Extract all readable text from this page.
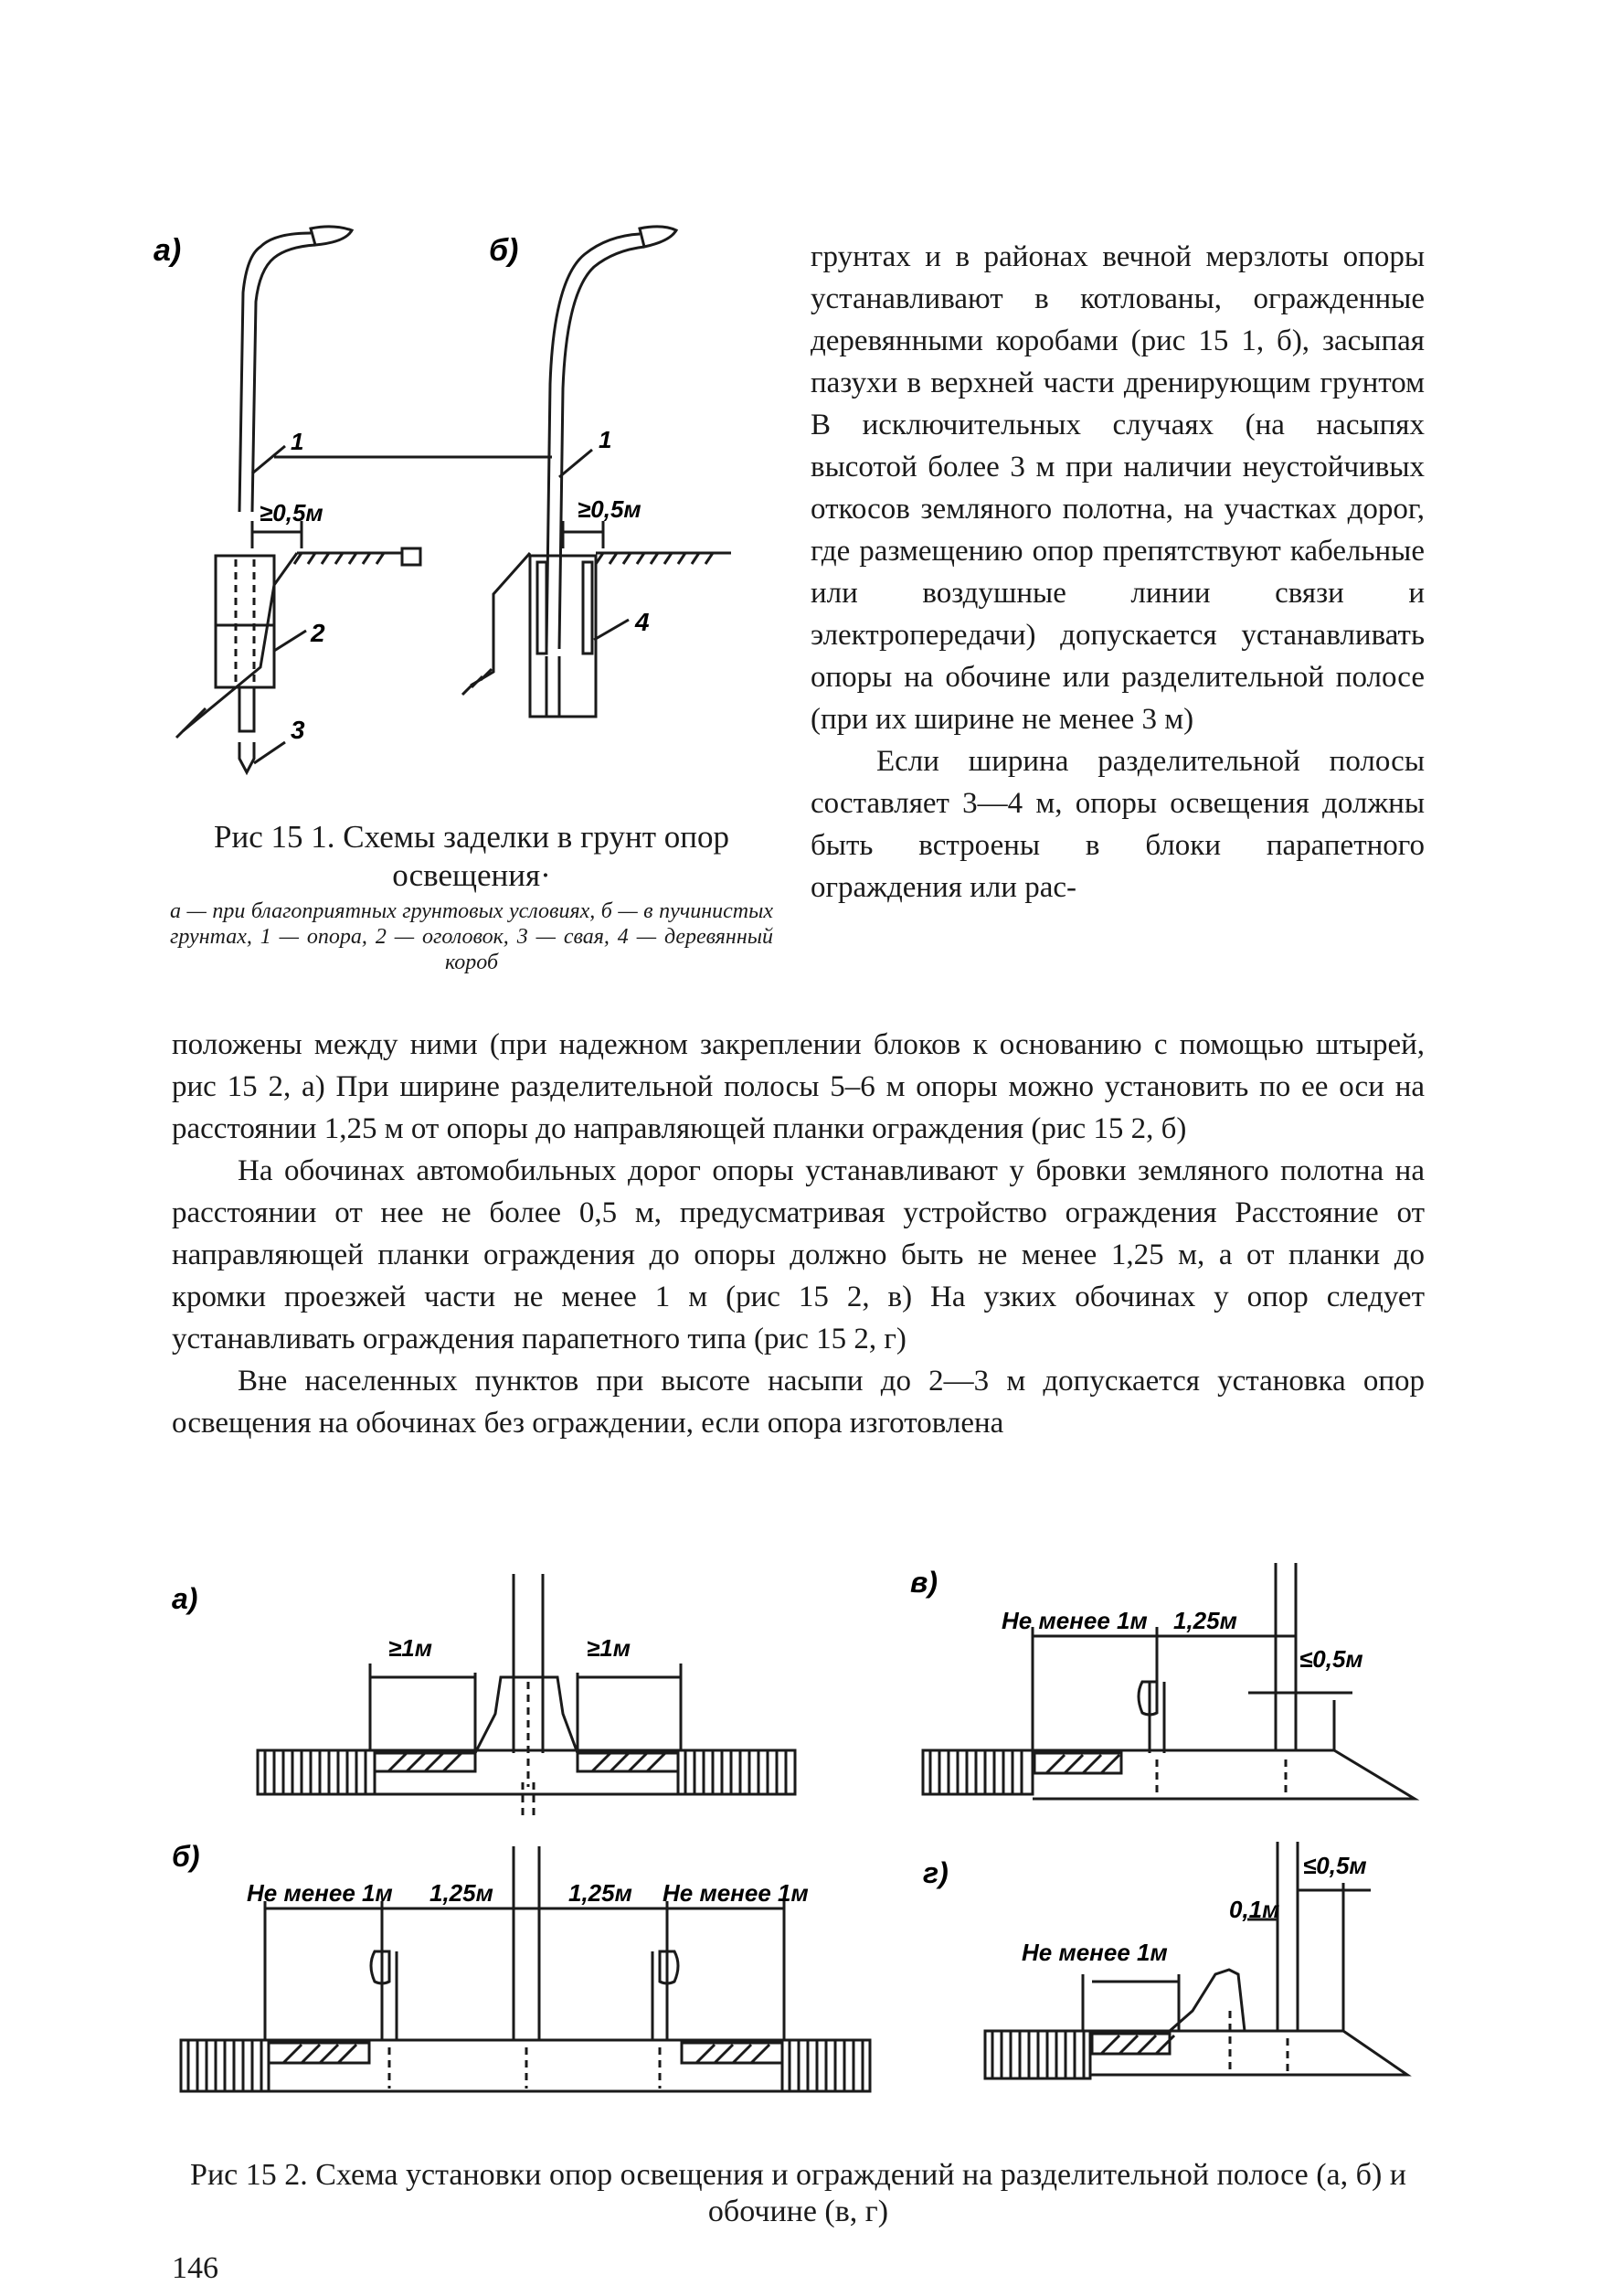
а)	б)
≥0,5м	≥0,5м
1	1
2
3
4
Рис 15 1. Схемы заделки в грунт опор освещения·
а — при благоприятных грунтовых условиях, б — в пучинистых грунтах, 1 — опора, 2 — оголовок, 3 — свая, 4 — деревянный короб

грунтах и в районах вечной мерзлоты опоры устанавливают в котлованы, огражденные деревянными коробами (рис 15 1, б), засыпая пазухи в верхней части дренирующим грунтом В исключительных случаях (на насыпях высотой более 3 м при наличии неустойчивых откосов земляного полотна, на участках дорог, где размещению опор препятствуют кабельные или воздушные линии связи и электропередачи) допускается устанавливать опоры на обочине или разделительной полосе (при их ширине не менее 3 м)

Если ширина разделительной полосы составляет 3—4 м, опоры освещения должны быть встроены в блоки парапетного ограждения или рас-

положены между ними (при надежном закреплении блоков к основанию с помощью штырей, рис 15 2, а) При ширине разделительной полосы 5–6 м опоры можно установить по ее оси на расстоянии 1,25 м от опоры до направляющей планки ограждения (рис 15 2, б)

На обочинах автомобильных дорог опоры устанавливают у бровки земляного полотна на расстоянии от нее не более 0,5 м, предусматривая устройство ограждения Расстояние от направляющей планки ограждения до опоры должно быть не менее 1,25 м, а от планки до кромки проезжей части не менее 1 м (рис 15 2, в) На узких обочинах у опор следует устанавливать ограждения парапетного типа (рис 15 2, г)

Вне населенных пунктов при высоте насыпи до 2—3 м допускается установка опор освещения на обочинах без ограждении, если опора изготовлена

а)
б)
в)
г)
≥1м	≥1м
Не менее 1м 1,25м	1,25м Не менее 1м
Не менее 1м 1,25м
≤0,5м
≤0,5м
0,1м
Не менее 1м
Рис 15 2. Схема установки опор освещения и ограждений на разделительной полосе (а, б) и обочине (в, г)
146
